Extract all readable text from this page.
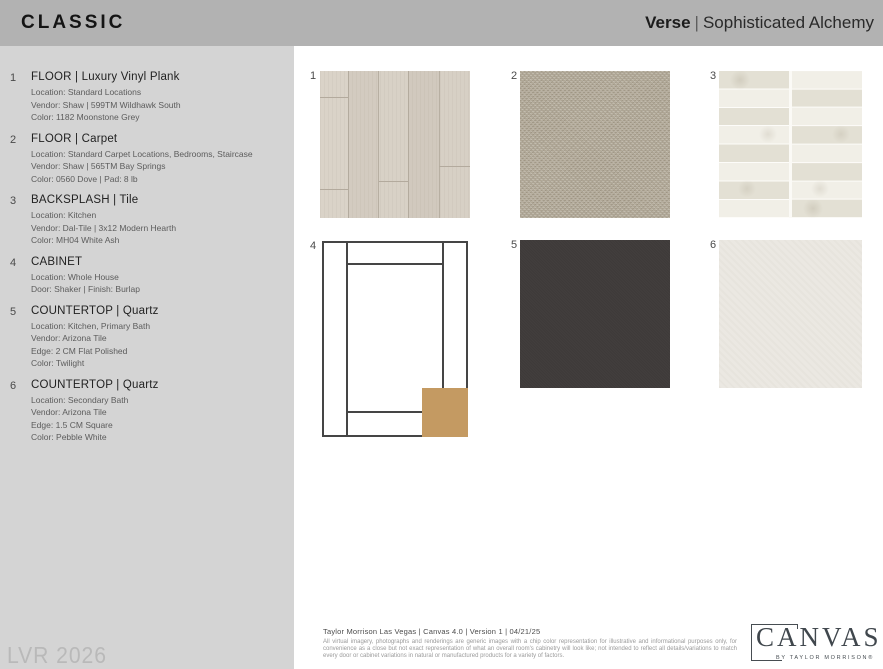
CLASSIC	Verse | Sophisticated Alchemy
1	FLOOR | Luxury Vinyl Plank
Location: Standard Locations
Vendor: Shaw | 599TM Wildhawk South
Color: 1182 Moonstone Grey
2	FLOOR | Carpet
Location: Standard Carpet Locations, Bedrooms, Staircase
Vendor: Shaw | 565TM Bay Springs
Color: 0560 Dove | Pad: 8 lb
3	BACKSPLASH | Tile
Location: Kitchen
Vendor: Dal-Tile | 3x12 Modern Hearth
Color: MH04 White Ash
4	CABINET
Location: Whole House
Door: Shaker | Finish: Burlap
5	COUNTERTOP | Quartz
Location: Kitchen, Primary Bath
Vendor: Arizona Tile
Edge: 2 CM Flat Polished
Color: Twilight
6	COUNTERTOP | Quartz
Location: Secondary Bath
Vendor: Arizona Tile
Edge: 1.5 CM Square
Color: Pebble White
LVR 2026
1	2	3
4	5	6
Taylor Morrison Las Vegas | Canvas 4.0 | Version 1 | 04/21/25
All virtual imagery, photographs and renderings are generic images with a chip color representation for illustrative and informational purposes only, for convenience as a close but not exact representation of what an overall room's cabinetry will look like; not intended to reflect all details/variations to match every door or cabinet variations in natural or manufactured products for a variety of factors.
CANVAS
BY TAYLOR MORRISON®
